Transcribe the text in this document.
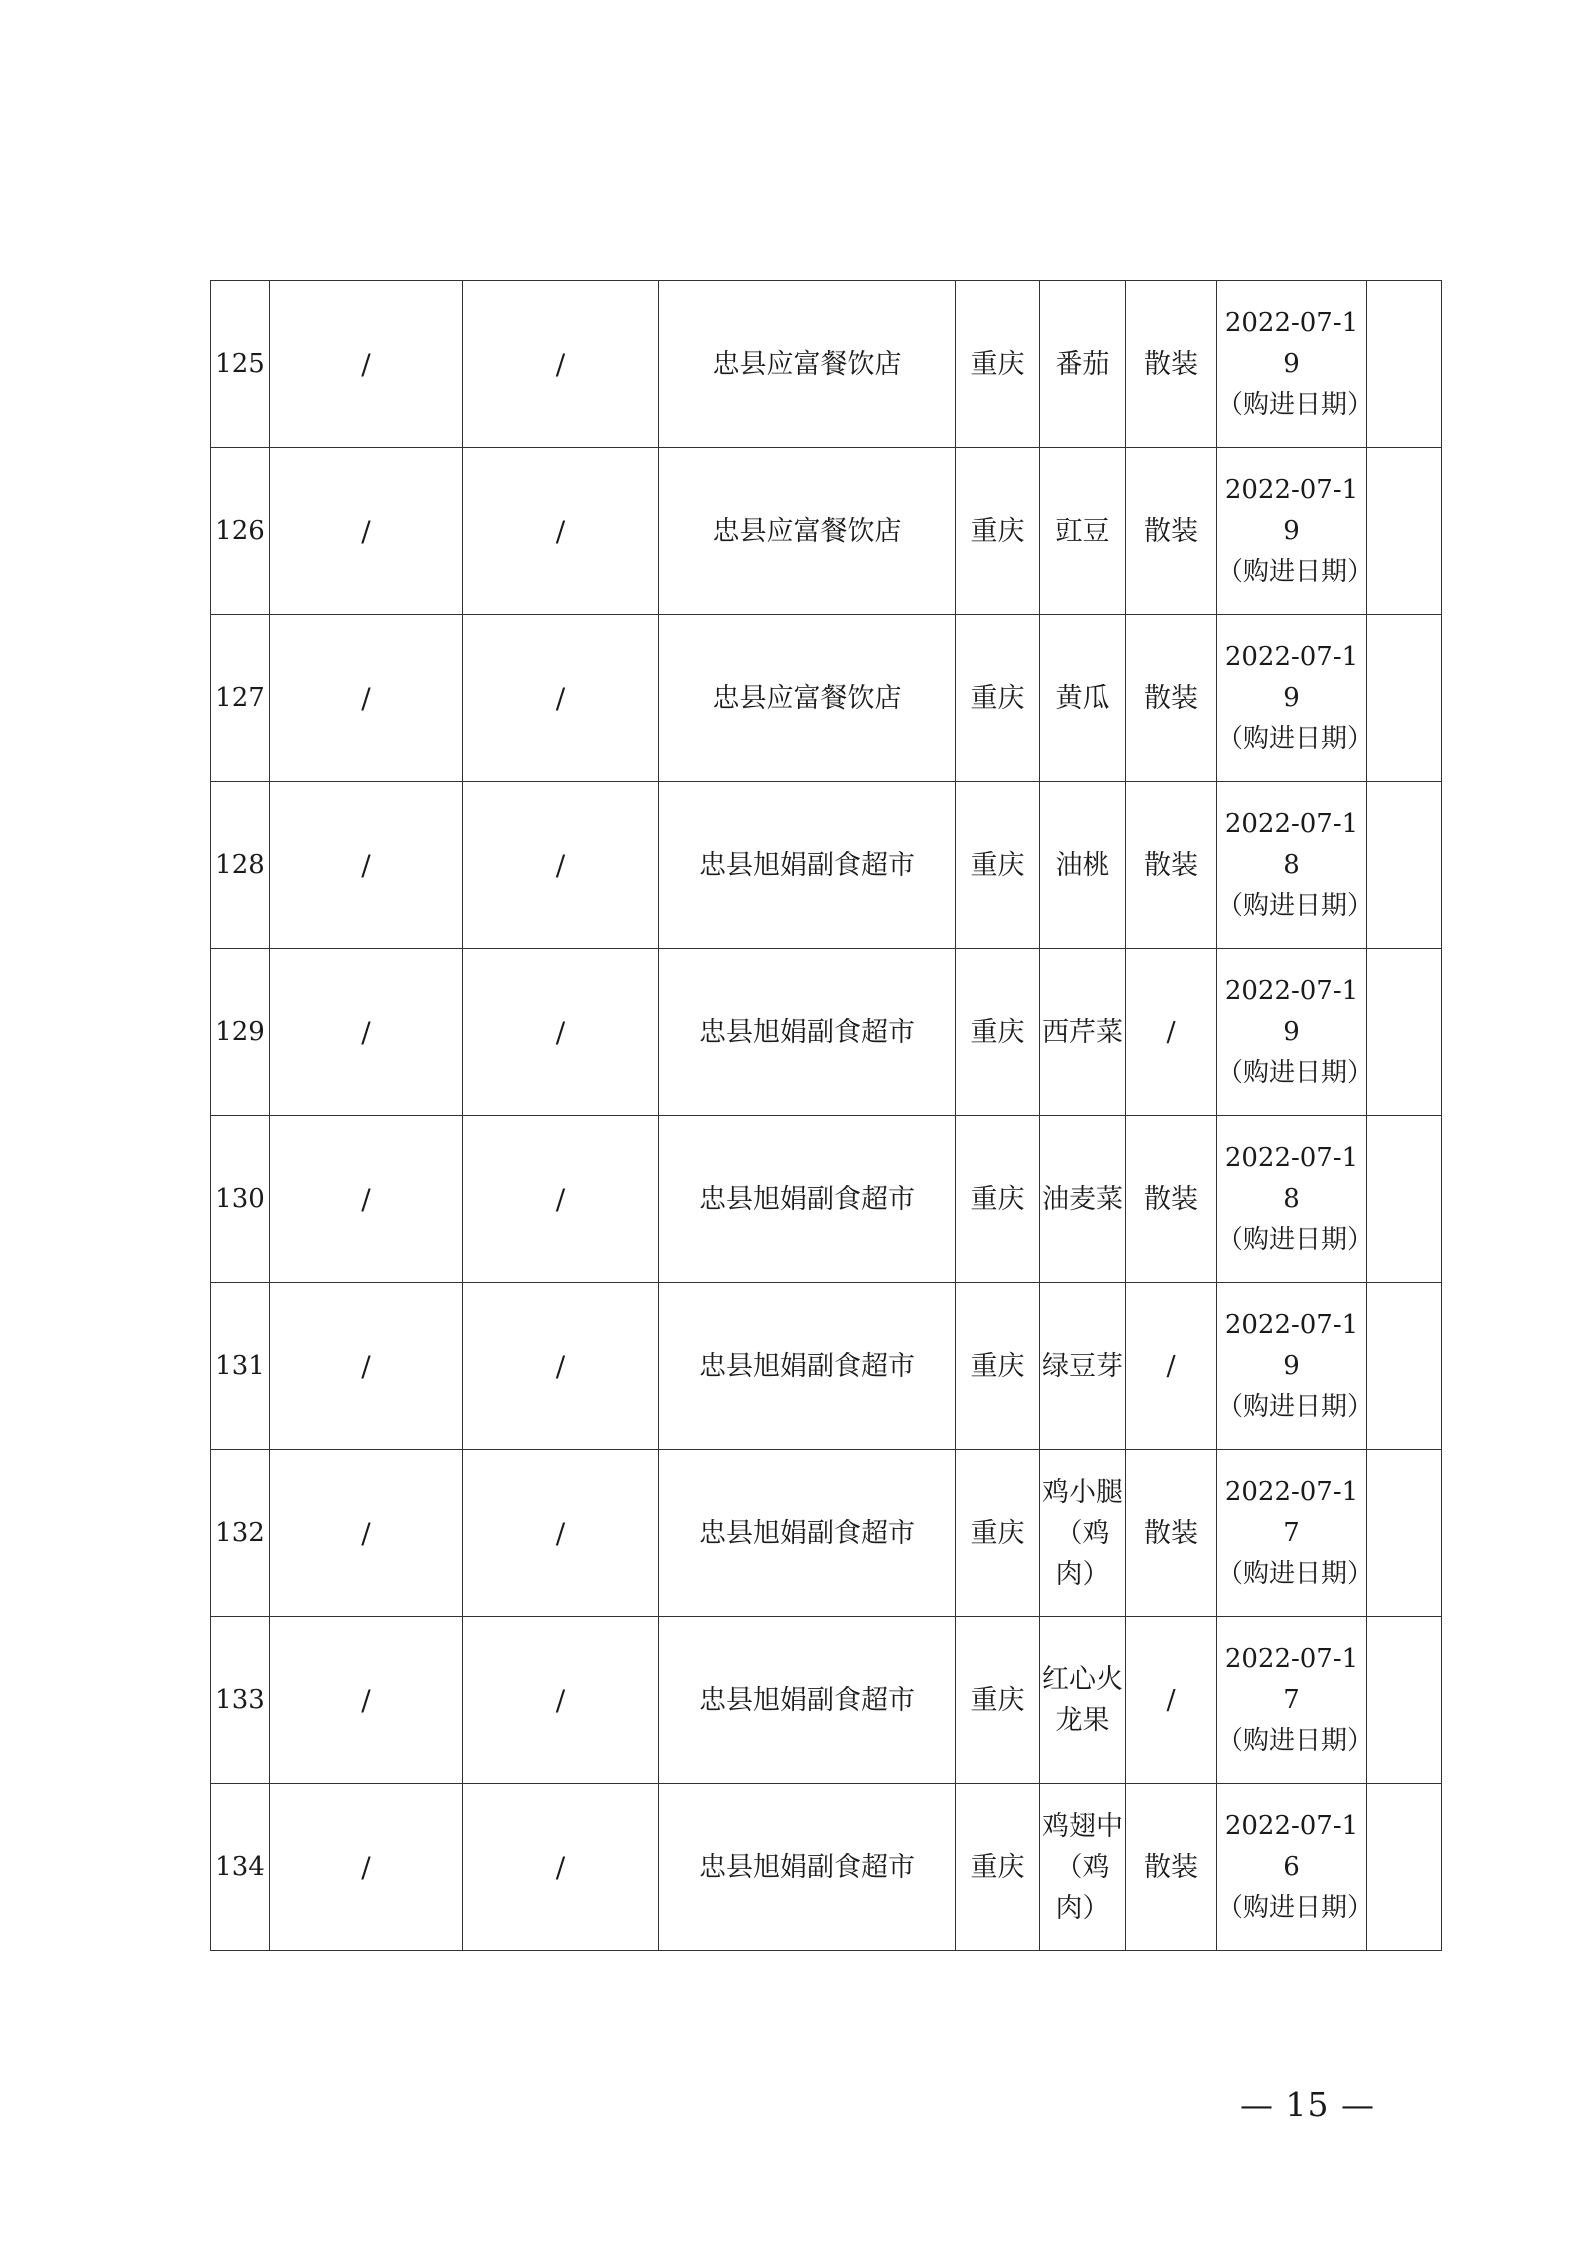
125	/	/	忠县应富餐饮店	重庆	番茄	散装	2022-07-19
（购进日期）	

126	/	/	忠县应富餐饮店	重庆	豇豆	散装	2022-07-19
（购进日期）	

127	/	/	忠县应富餐饮店	重庆	黄瓜	散装	2022-07-19
（购进日期）	

128	/	/	忠县旭娟副食超市	重庆	油桃	散装	2022-07-18
（购进日期）	

129	/	/	忠县旭娟副食超市	重庆	西芹菜	/	2022-07-19
（购进日期）	

130	/	/	忠县旭娟副食超市	重庆	油麦菜	散装	2022-07-18
（购进日期）	

131	/	/	忠县旭娟副食超市	重庆	绿豆芽	/	2022-07-19
（购进日期）	

132	/	/	忠县旭娟副食超市	重庆	鸡小腿（鸡肉）	散装	2022-07-17
（购进日期）	

133	/	/	忠县旭娟副食超市	重庆	红心火龙果	/	2022-07-17
（购进日期）	

134	/	/	忠县旭娟副食超市	重庆	鸡翅中（鸡肉）	散装	2022-07-16
（购进日期）	

— 15 —
